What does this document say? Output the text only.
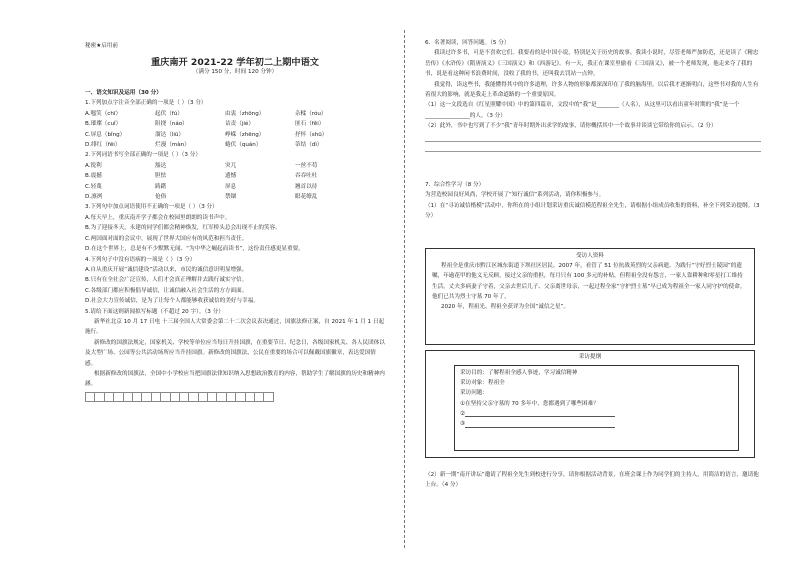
秘密★启用前
重庆南开 2021-22 学年初二上期中语文
（满分 150 分，时间 120 分钟）
一、语文知识及运用（30 分）
1.下列加点字注音全部正确的一项是（ ）（3 分）
A.嗤笑（chī）	起伏（fú）	由衷（zhōng）	杂糅（róu）
B.璀璨（cuǐ）	阻挠（náo）	诘责（jié）	匪石（fěi）
C.屏息（bǐng）	溜达（liū）	峥嵘（zhēng）	抒怀（shū）
D.绯红（fēi）	烂漫（màn）	蜷伏（quán）	蒂结（dì）
2.下列词语书写全部正确的一项是（ ）（3 分）
A.锐利	豁达	突兀	一丝不苟
B.震撼	胆怯	遗憾	吞吞吐吐
C.轻蔑	踌躇	屏息	翘首以待
D.凛冽	伧俗	禁锢	眼花缭乱
3.下列句中加点词语使用不正确的一项是（ ）（3 分）
A.每天早上，重庆南开学子都会在校园里朗朗的读书声中。
B.为了迎接冬天，永建的同学们都会精神焕发，红军桥头总会出现不止的笑容。
C.两国面对面的会议中，展现了世界大国应有的风范和担当责任。
D.在这个世界上，总是有不少默默无闻、“为中华之崛起而读书”，这份责任感更显重要。
4.下列句子中没有语病的一项是（ ）（3 分）
A.自从重庆开展“诚信建设”活动以来，市民的诚信意识明显增强。
B.只有在全社会广泛宣传，人们才会真正理解并去践行诚实守信。
C.各级部门都应积极倡导诚信，让诚信融入社会生活的方方面面。
D.社会大力宣传诚信，是为了让每个人都能够收获诚信的美好与幸福。
5.请给下面这则新闻拟写标题（不超过 20 字）。（3 分）
新华社北京 10 月 17 日电 十三届全国人大常委会第二十二次会议表决通过，国旗法修正案，自 2021 年 1 月 1 日起施行。
新修改的国旗法规定，国家机关、学校等单位应当每日升挂国旗，在重要节日、纪念日，各级国家机关、各人民团体以及大型广场、公园等公共活动场所应当升挂国旗。新修改的国旗法，公民在重要的场合可以佩戴国旗徽章，表达爱国情感。
根据新修改的国旗法，全国中小学校应当把国旗法律知识纳入思想政治教育的内容，帮助学生了解国旗的历史和精神内涵。
6．名著阅读，回答问题。（5 分）
我读过许多书，可是不喜欢它们。我要看的是中国小说，特别是关于历史的故事。我读小说时，尽管老师严加防范，还是读了《精忠岳传》《水浒传》《隋唐演义》《三国演义》和《西游记》。有一天，我正在课室里偷看《三国演义》，被一个老师发现，他走来夺了我的书，说是看这种闲书浪费时间，没收了我的书，还叫我去罚站一点钟。
我觉得，读这些书，我能懂得其中的许多道理，许多人物的形象都深深印在了我的脑海里，以后我才逐渐明白，这些书对我的人生有着很大的影响，就是我走上革命道路的一个重要原因。
（1）这一文段选自《红星照耀中国》中的第四篇章，文段中的“我”是________（人名），从这里可以看出童年时期的“我”是一个________________的人。（3 分）
（2）此外，书中也写到了不少“我”青年时期外出求学的故事，请你概括其中一个故事并谈谈它带给你的启示。（2 分）
7．综合性学习（8 分）
为营造校园良好风尚，学校开展了“知行诚信”系列活动，请你积极参与。
（1）在“寻访诚信楷模”活动中，你所在的小组计划采访重庆诚信模范程祖全先生，请根据小组成员收集的资料，补全下列采访提纲。（3 分）
受访人资料
程祖全是重庆市黔江区城东街道下坝社区居民。2007 年，看管了 51 位抗战英烈的父亲病逝，为践行“守好烈士陵园”的遗嘱，年逾花甲的他义无反顾，接过父亲的重担，每月只有 100 多元的补贴，但程祖全没有怨言，一家人靠耕种和零星打工维持生活。丈夫多病妻子守着，父亲去世后儿子、父亲离世母亲，一起过程全家“守护烈士墓”早已成为程祖全一家人同守护的使命。他们已共为烈士守墓 70 年了。
2020 年，程祖光、程祖全获评为全国“诚信之星”。
采访提纲
采访目的：了解程祖全感人事迹，学习诚信精神
采访对象：程祖全
采访问题：
①在坚持父亲守墓的 70 多年中，您都遇到了哪些困难？
②
③
（2）新一期“南开讲坛”邀请了程祖全先生到校进行分享，请你根据活动背景，在班会课上作为同学们的主持人，用简洁的语言，邀请他上台。（4 分）
